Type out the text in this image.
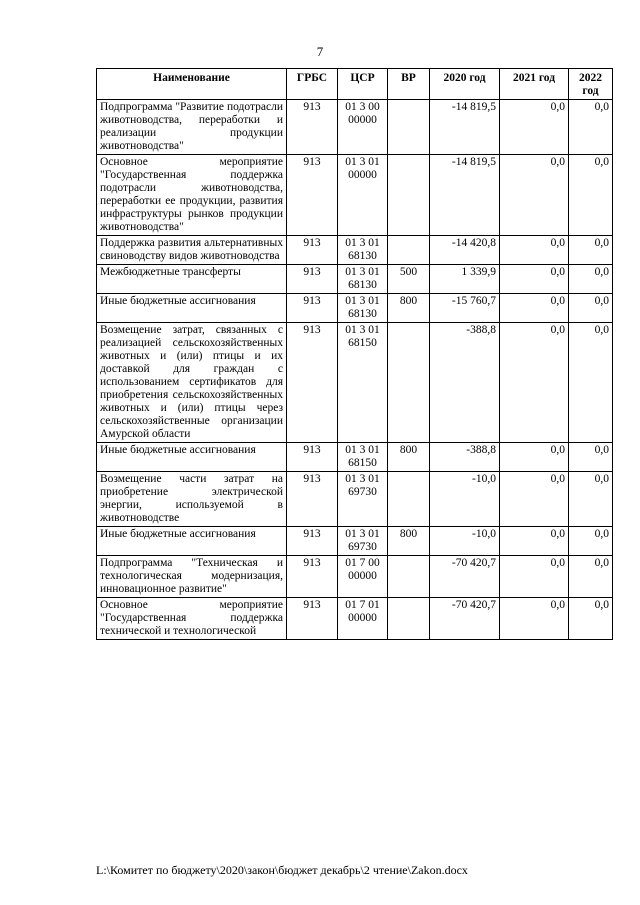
7
Наименование	ГРБС	ЦСР	ВР	2020 год	2021 год	2022 год
Подпрограмма "Развитие подотрасли животноводства, переработки и реализации продукции животноводства"	913	01 3 00 00000		-14 819,5	0,0	0,0
Основное мероприятие "Государственная поддержка подотрасли животноводства, переработки ее продукции, развития инфраструктуры рынков продукции животноводства"	913	01 3 01 00000		-14 819,5	0,0	0,0
Поддержка развития альтернативных свиноводству видов животноводства	913	01 3 01 68130		-14 420,8	0,0	0,0
Межбюджетные трансферты	913	01 3 01 68130	500	1 339,9	0,0	0,0
Иные бюджетные ассигнования	913	01 3 01 68130	800	-15 760,7	0,0	0,0
Возмещение затрат, связанных с реализацией сельскохозяйственных животных и (или) птицы и их доставкой для граждан с использованием сертификатов для приобретения сельскохозяйственных животных и (или) птицы через сельскохозяйственные организации Амурской области	913	01 3 01 68150		-388,8	0,0	0,0
Иные бюджетные ассигнования	913	01 3 01 68150	800	-388,8	0,0	0,0
Возмещение части затрат на приобретение электрической энергии, используемой в животноводстве	913	01 3 01 69730		-10,0	0,0	0,0
Иные бюджетные ассигнования	913	01 3 01 69730	800	-10,0	0,0	0,0
Подпрограмма "Техническая и технологическая модернизация, инновационное развитие"	913	01 7 00 00000		-70 420,7	0,0	0,0
Основное мероприятие "Государственная поддержка технической и технологической	913	01 7 01 00000		-70 420,7	0,0	0,0
L:\Комитет по бюджету\2020\закон\бюджет декабрь\2 чтение\Zakon.docx
